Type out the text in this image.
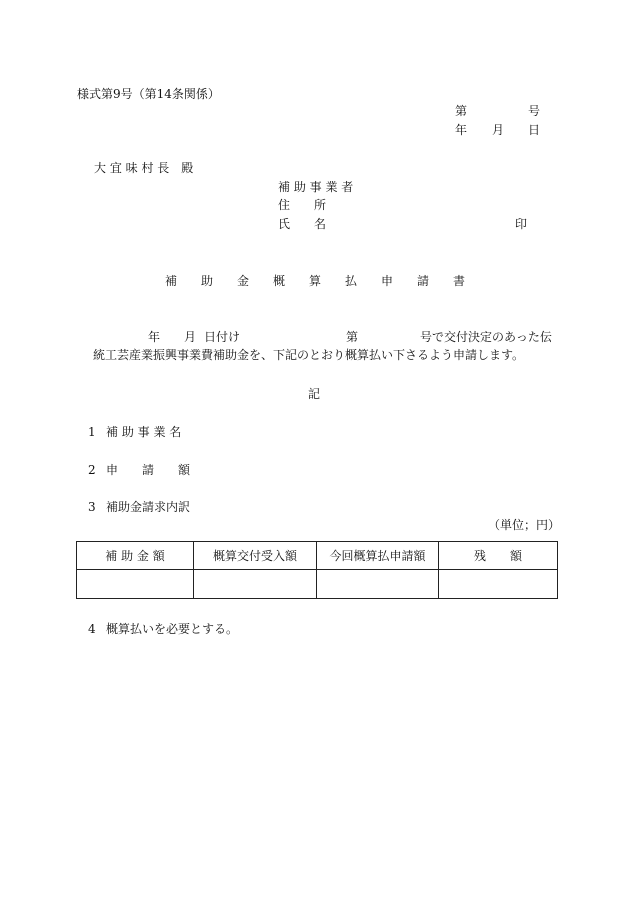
様式第9号（第14条関係）
第	号
年 月 日
大 宜 味 村 長　殿
補 助 事 業 者
住　　所
氏　　名	印
補　　助　　金　　概　　算　　払　　申　　請　　書
年 月 日付け	第	号で交付決定のあった伝
統工芸産業振興事業費補助金を、下記のとおり概算払い下さるよう申請します。
記
1 補 助 事 業 名
2 申　　請　　額
3 補助金請求内訳
（単位；円）
補 助 金 額	概算交付受入額	今回概算払申請額	残　　額

4 概算払いを必要とする。
